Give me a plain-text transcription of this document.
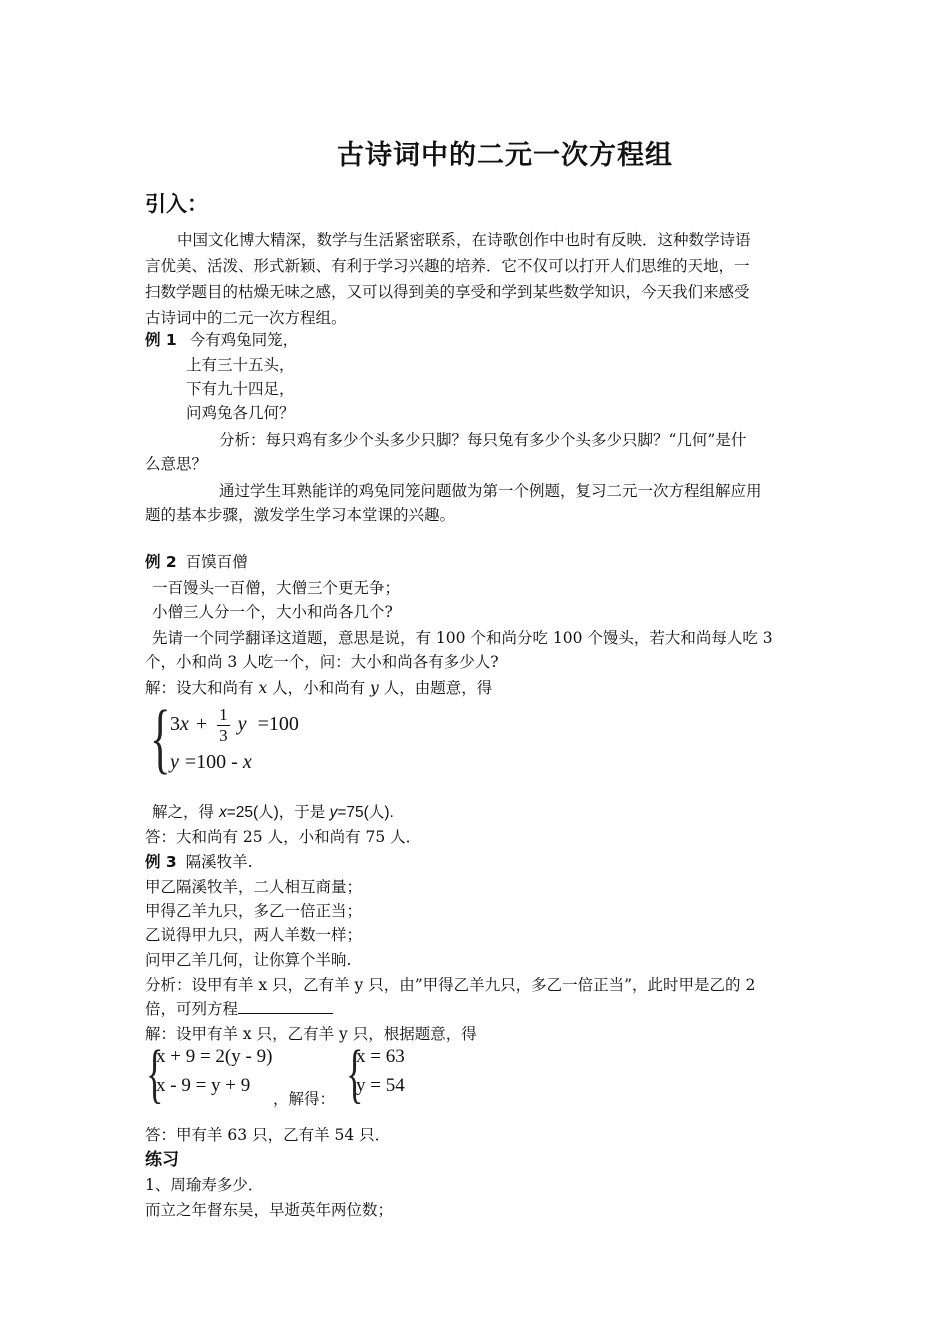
古诗词中的二元一次方程组
引入：
中国文化博大精深，数学与生活紧密联系，在诗歌创作中也时有反映．这种数学诗语
言优美、活泼、形式新颖、有利于学习兴趣的培养．它不仅可以打开人们思维的天地，一
扫数学题目的枯燥无味之感，又可以得到美的享受和学到某些数学知识，今天我们来感受
古诗词中的二元一次方程组。
例 1 今有鸡兔同笼，
上有三十五头，
下有九十四足，
问鸡兔各几何？
分析：每只鸡有多少个头多少只脚？每只兔有多少个头多少只脚？“几何”是什
么意思？
通过学生耳熟能详的鸡兔同笼问题做为第一个例题，复习二元一次方程组解应用
题的基本步骤，激发学生学习本堂课的兴趣。
例 2 百馍百僧
一百馒头一百僧，大僧三个更无争；
小僧三人分一个，大小和尚各几个?
先请一个同学翻译这道题，意思是说，有 100 个和尚分吃 100 个馒头，若大和尚每人吃 3
个，小和尚 3 人吃一个，问：大小和尚各有多少人?
解：设大和尚有 x 人，小和尚有 y 人，由题意，得
{ $3x + \frac{1}{3}$ y =100
y =100 - x
解之，得 x=25(人)，于是 y=75(人).
答：大和尚有 25 人，小和尚有 75 人．
例 3 隔溪牧羊.
甲乙隔溪牧羊，二人相互商量；
甲得乙羊九只，多乙一倍正当；
乙说得甲九只，两人羊数一样；
问甲乙羊几何，让你算个半晌.
分析：设甲有羊 x 只，乙有羊 y 只，由”甲得乙羊九只，多乙一倍正当”，此时甲是乙的 2
倍，可列方程
解：设甲有羊 x 只，乙有羊 y 只，根据题意，得
{
x + 9 = 2(y - 9)
x - 9 = y + 9
，解得： {
x = 63
y = 54
答：甲有羊 63 只，乙有羊 54 只．
练习
1、周瑜寿多少．
而立之年督东吴，早逝英年两位数；
